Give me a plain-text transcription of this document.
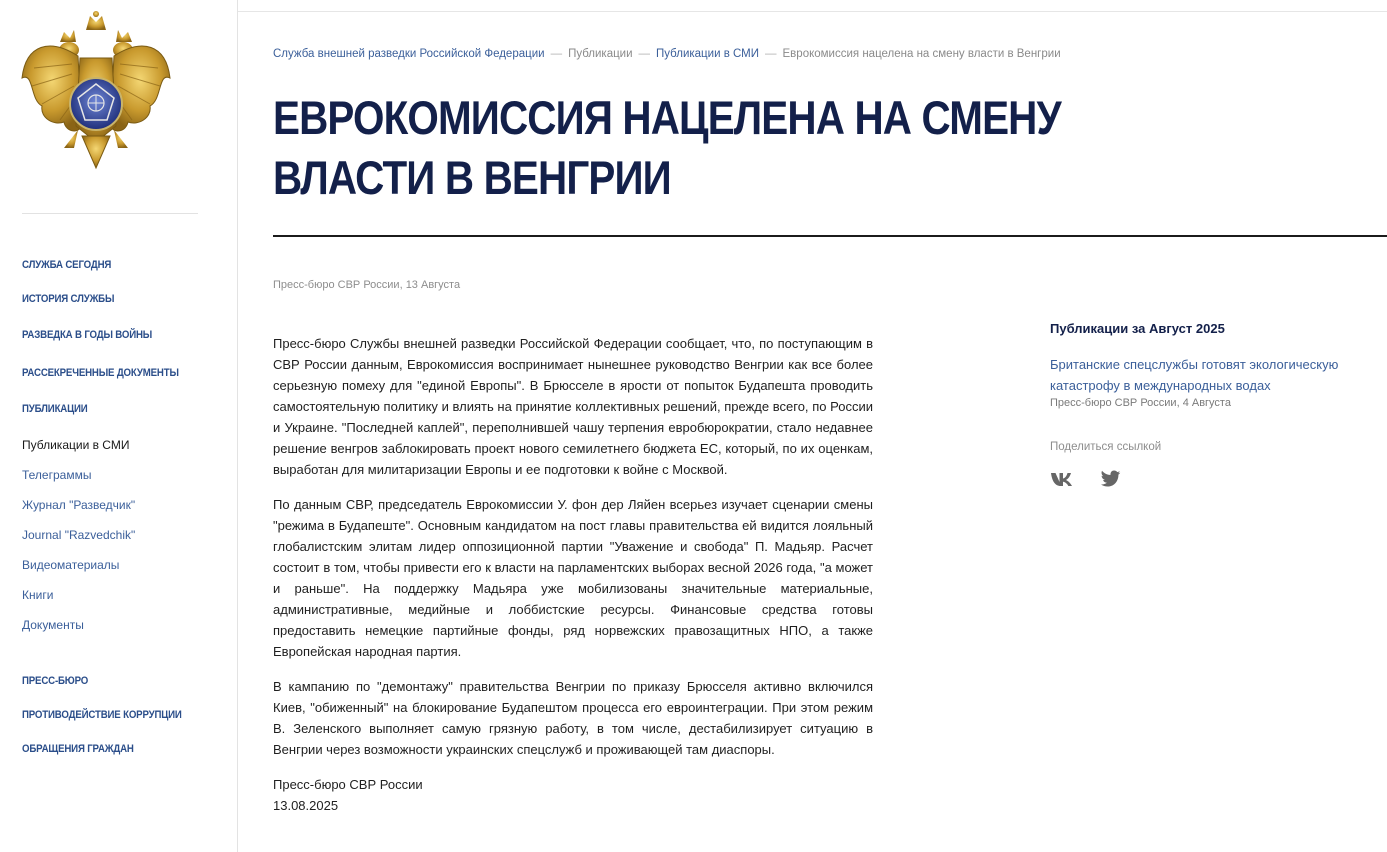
СЛУЖБА СЕГОДНЯ
ИСТОРИЯ СЛУЖБЫ
РАЗВЕДКА В ГОДЫ ВОЙНЫ
РАССЕКРЕЧЕННЫЕ ДОКУМЕНТЫ
ПУБЛИКАЦИИ
Публикации в СМИ
Телеграммы
Журнал "Разведчик"
Journal "Razvedchik"
Видеоматериалы
Книги
Документы
ПРЕСС-БЮРО
ПРОТИВОДЕЙСТВИЕ КОРРУПЦИИ
ОБРАЩЕНИЯ ГРАЖДАН
Служба внешней разведки Российской Федерации — Публикации — Публикации в СМИ — Еврокомиссия нацелена на смену власти в Венгрии
ЕВРОКОМИССИЯ НАЦЕЛЕНА НА СМЕНУ ВЛАСТИ В ВЕНГРИИ
Пресс-бюро СВР России, 13 Августа

Пресс-бюро Службы внешней разведки Российской Федерации сообщает, что, по поступающим в СВР России данным, Еврокомиссия воспринимает нынешнее руководство Венгрии как все более серьезную помеху для "единой Европы". В Брюсселе в ярости от попыток Будапешта проводить самостоятельную политику и влиять на принятие коллективных решений, прежде всего, по России и Украине. "Последней каплей", переполнившей чашу терпения евробюрократии, стало недавнее решение венгров заблокировать проект нового семилетнего бюджета ЕС, который, по их оценкам, выработан для милитаризации Европы и ее подготовки к войне с Москвой.

По данным СВР, председатель Еврокомиссии У. фон дер Ляйен всерьез изучает сценарии смены "режима в Будапеште". Основным кандидатом на пост главы правительства ей видится лояльный глобалистским элитам лидер оппозиционной партии "Уважение и свобода" П. Мадьяр. Расчет состоит в том, чтобы привести его к власти на парламентских выборах весной 2026 года, "а может и раньше". На поддержку Мадьяра уже мобилизованы значительные материальные, административные, медийные и лоббистские ресурсы. Финансовые средства готовы предоставить немецкие партийные фонды, ряд норвежских правозащитных НПО, а также Европейская народная партия.

В кампанию по "демонтажу" правительства Венгрии по приказу Брюсселя активно включился Киев, "обиженный" на блокирование Будапештом процесса его евроинтеграции. При этом режим                В. Зеленского выполняет самую грязную работу, в том числе, дестабилизирует ситуацию в Венгрии через возможности украинских спецслужб и проживающей там диаспоры.

Пресс-бюро СВР России

13.08.2025

Публикации за Август 2025
Британские спецслужбы готовят экологическую катастрофу в международных водах
Пресс-бюро СВР России, 4 Августа
Поделиться ссылкой
